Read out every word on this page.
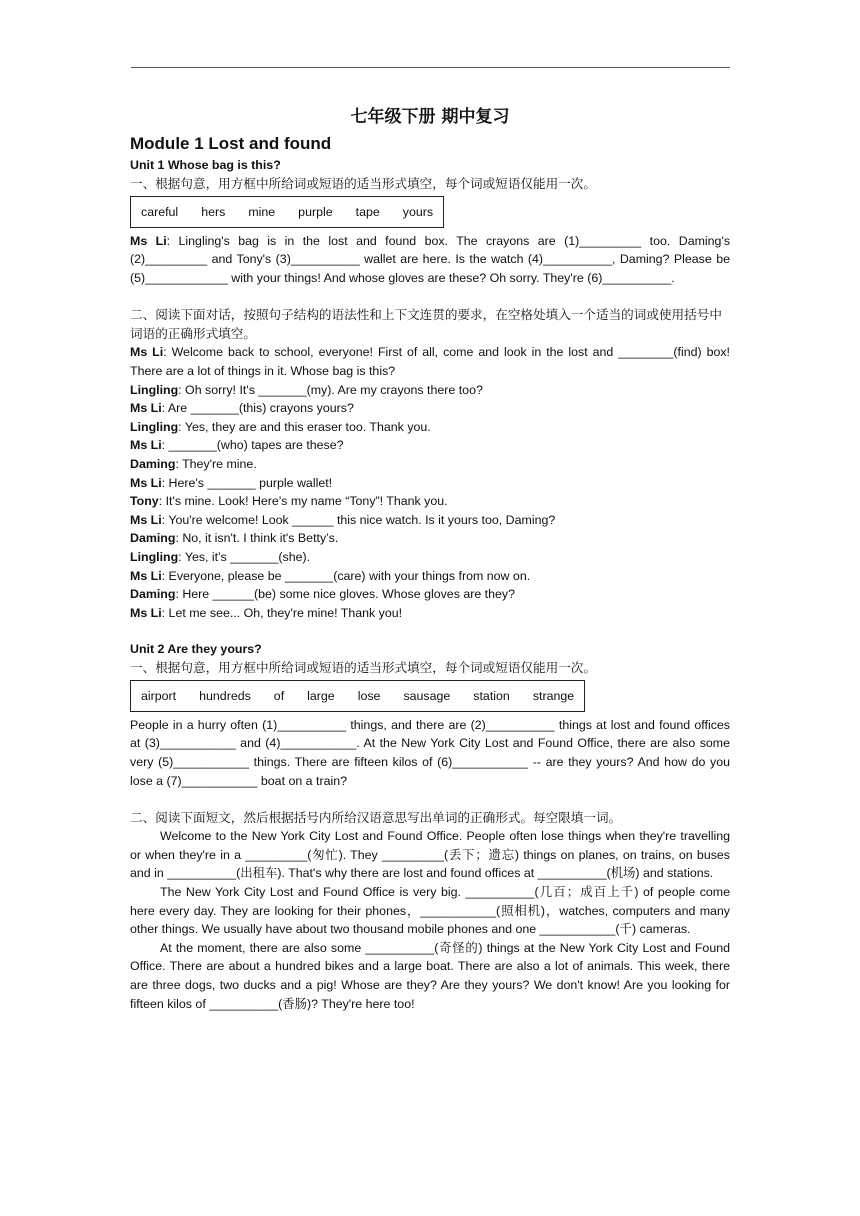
七年级下册 期中复习
Module 1 Lost and found
Unit 1 Whose bag is this?
一、根据句意，用方框中所给词或短语的适当形式填空，每个词或短语仅能用一次。
careful hers mine purple tape yours
Ms Li: Lingling's bag is in the lost and found box. The crayons are (1)_________ too. Daming's (2)_________ and Tony's (3)__________ wallet are here. Is the watch (4)__________, Daming? Please be (5)____________ with your things! And whose gloves are these? Oh sorry. They're (6)__________.
二、阅读下面对话，按照句子结构的语法性和上下文连贯的要求，在空格处填入一个适当的词或使用括号中词语的正确形式填空。
Ms Li: Welcome back to school, everyone! First of all, come and look in the lost and ________(find) box! There are a lot of things in it. Whose bag is this?
Lingling: Oh sorry! It's _______(my). Are my crayons there too?
Ms Li: Are _______(this) crayons yours?
Lingling: Yes, they are and this eraser too. Thank you.
Ms Li: _______(who) tapes are these?
Daming: They're mine.
Ms Li: Here's _______ purple wallet!
Tony: It's mine. Look! Here's my name “Tony”! Thank you.
Ms Li: You're welcome! Look ______ this nice watch. Is it yours too, Daming?
Daming: No, it isn't. I think it's Betty’s.
Lingling: Yes, it's _______(she).
Ms Li: Everyone, please be _______(care) with your things from now on.
Daming: Here ______(be) some nice gloves. Whose gloves are they?
Ms Li: Let me see... Oh, they're mine! Thank you!
Unit 2 Are they yours?
一、根据句意，用方框中所给词或短语的适当形式填空，每个词或短语仅能用一次。
airport hundreds of large lose sausage station strange
People in a hurry often (1)__________ things, and there are (2)__________ things at lost and found offices at (3)___________ and (4)___________. At the New York City Lost and Found Office, there are also some very (5)___________ things. There are fifteen kilos of (6)___________ -- are they yours? And how do you lose a (7)___________ boat on a train?
二、阅读下面短文，然后根据括号内所给汉语意思写出单词的正确形式。每空限填一词。
Welcome to the New York City Lost and Found Office. People often lose things when they're travelling or when they're in a _________(匆忙). They _________(丢下；遗忘) things on planes, on trains, on buses and in __________(出租车). That's why there are lost and found offices at __________(机场) and stations.
The New York City Lost and Found Office is very big. __________(几百；成百上千) of people come here every day. They are looking for their phones，___________(照相机)，watches, computers and many other things. We usually have about two thousand mobile phones and one ___________(千) cameras.
At the moment, there are also some __________(奇怪的) things at the New York City Lost and Found Office. There are about a hundred bikes and a large boat. There are also a lot of animals. This week, there are three dogs, two ducks and a pig! Whose are they? Are they yours? We don't know! Are you looking for fifteen kilos of __________(香肠)? They're here too!
